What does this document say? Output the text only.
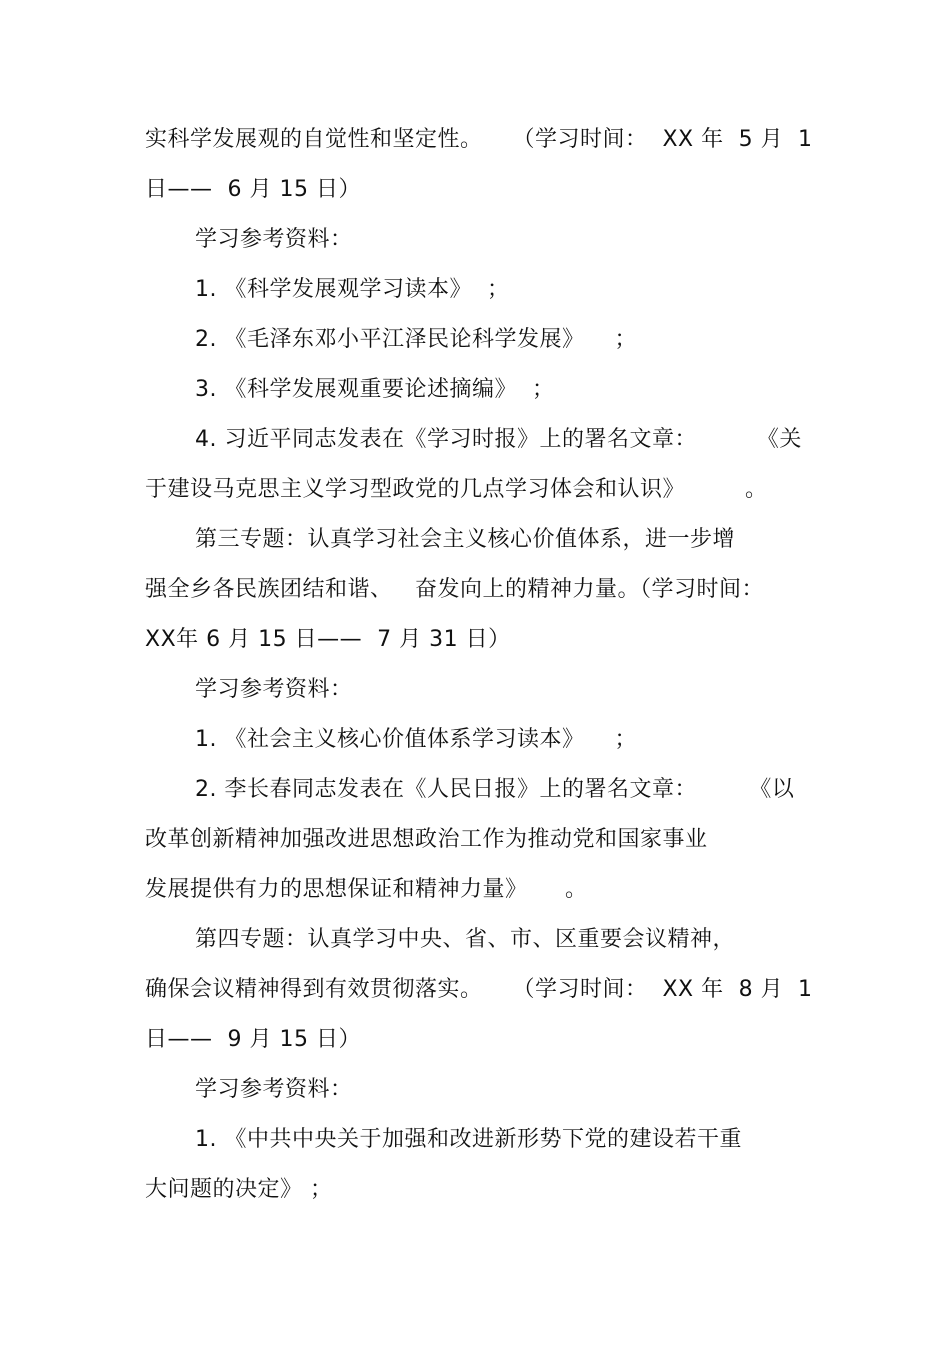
实科学发展观的自觉性和坚定性。    （学习时间：  XX 年  5 月  1
日——  6 月 15 日）
学习参考资料：
1. 《科学发展观学习读本》  ；
2. 《毛泽东邓小平江泽民论科学发展》    ；
3. 《科学发展观重要论述摘编》  ；
4. 习近平同志发表在《学习时报》上的署名文章：        《关
于建设马克思主义学习型政党的几点学习体会和认识》        。
第三专题：认真学习社会主义核心价值体系，进一步增
强全乡各民族团结和谐、   奋发向上的精神力量。（学习时间：
XX年 6 月 15 日——  7 月 31 日）
学习参考资料：
1. 《社会主义核心价值体系学习读本》    ；
2. 李长春同志发表在《人民日报》上的署名文章：       《以
改革创新精神加强改进思想政治工作为推动党和国家事业
发展提供有力的思想保证和精神力量》     。
第四专题：认真学习中央、省、市、区重要会议精神，
确保会议精神得到有效贯彻落实。    （学习时间：  XX 年  8 月  1
日——  9 月 15 日）
学习参考资料：
1. 《中共中央关于加强和改进新形势下党的建设若干重
大问题的决定》 ；
